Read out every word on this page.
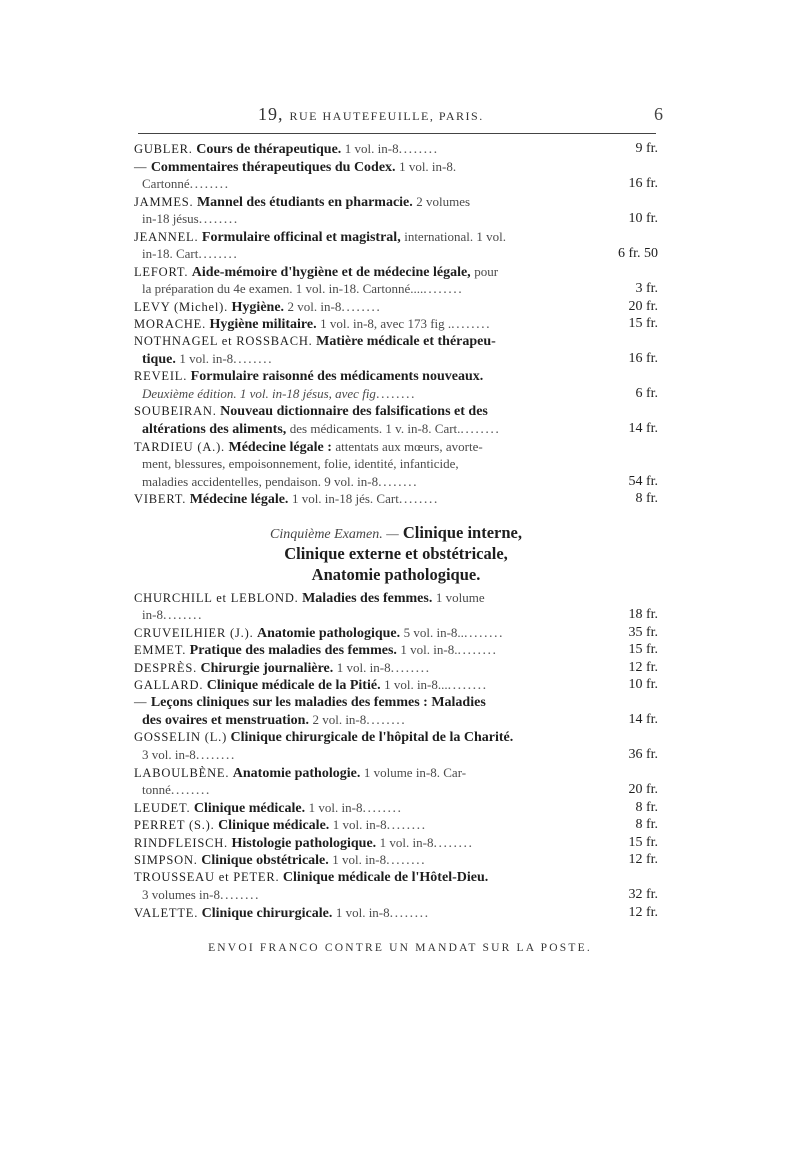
19, RUE HAUTEFEUILLE, PARIS.	6
GUBLER. Cours de thérapeutique. 1 vol. in-8........	9 fr.
— Commentaires thérapeutiques du Codex. 1 vol. in-8.
Cartonné........	16 fr.
JAMMES. Mannel des étudiants en pharmacie. 2 volumes
in-18 jésus........	10 fr.
JEANNEL. Formulaire officinal et magistral, international. 1 vol.
in-18. Cart........	6 fr. 50
LEFORT. Aide-mémoire d'hygiène et de médecine légale, pour
la préparation du 4e examen. 1 vol. in-18. Cartonné............	3 fr.
LEVY (Michel). Hygiène. 2 vol. in-8........	20 fr.
MORACHE. Hygiène militaire. 1 vol. in-8, avec 173 fig .........	15 fr.
NOTHNAGEL et ROSSBACH. Matière médicale et thérapeu-
tique. 1 vol. in-8........	16 fr.
REVEIL. Formulaire raisonné des médicaments nouveaux.
Deuxième édition. 1 vol. in-18 jésus, avec fig........	6 fr.
SOUBEIRAN. Nouveau dictionnaire des falsifications et des
altérations des aliments, des médicaments. 1 v. in-8. Cart.........	14 fr.
TARDIEU (A.). Médecine légale : attentats aux mœurs, avorte-
ment, blessures, empoisonnement, folie, identité, infanticide,
maladies accidentelles, pendaison. 9 vol. in-8........	54 fr.
VIBERT. Médecine légale. 1 vol. in-18 jés. Cart........	8 fr.
Cinquième Examen. — Clinique interne,
Clinique externe et obstétricale,
Anatomie pathologique.
CHURCHILL et LEBLOND. Maladies des femmes. 1 volume
in-8........	18 fr.
CRUVEILHIER (J.). Anatomie pathologique. 5 vol. in-8..........	35 fr.
EMMET. Pratique des maladies des femmes. 1 vol. in-8.........	15 fr.
DESPRÈS. Chirurgie journalière. 1 vol. in-8........	12 fr.
GALLARD. Clinique médicale de la Pitié. 1 vol. in-8...........	10 fr.
— Leçons cliniques sur les maladies des femmes : Maladies
des ovaires et menstruation. 2 vol. in-8........	14 fr.
GOSSELIN (L.) Clinique chirurgicale de l'hôpital de la Charité.
3 vol. in-8........	36 fr.
LABOULBÈNE. Anatomie pathologie. 1 volume in-8. Car-
tonné........	20 fr.
LEUDET. Clinique médicale. 1 vol. in-8........	8 fr.
PERRET (S.). Clinique médicale. 1 vol. in-8........	8 fr.
RINDFLEISCH. Histologie pathologique. 1 vol. in-8........	15 fr.
SIMPSON. Clinique obstétricale. 1 vol. in-8........	12 fr.
TROUSSEAU et PETER. Clinique médicale de l'Hôtel-Dieu.
3 volumes in-8........	32 fr.
VALETTE. Clinique chirurgicale. 1 vol. in-8........	12 fr.
ENVOI FRANCO CONTRE UN MANDAT SUR LA POSTE.
